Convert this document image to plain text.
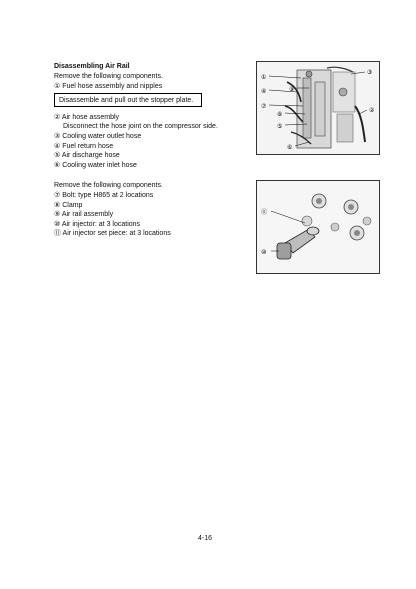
Disassembling Air Rail
Remove the following components.
① Fuel hose assembly and nipples
Disassemble and pull out the stopper plate.
② Air hose assembly
Disconnect the hose joint on the compressor side.
③ Cooling water outlet hose
④ Fuel return hose
⑤ Air discharge hose
⑥ Cooling water inlet hose
Remove the following components.
⑦ Bolt: type H865 at 2 locations
⑧ Clamp
⑨ Air rail assembly
⑩ Air injector: at 3 locations
⑪ Air injector set piece: at 3 locations
①
④
⑦
⑧
⑨
⑤
⑥
③
②
⑪
⑩
4-16
